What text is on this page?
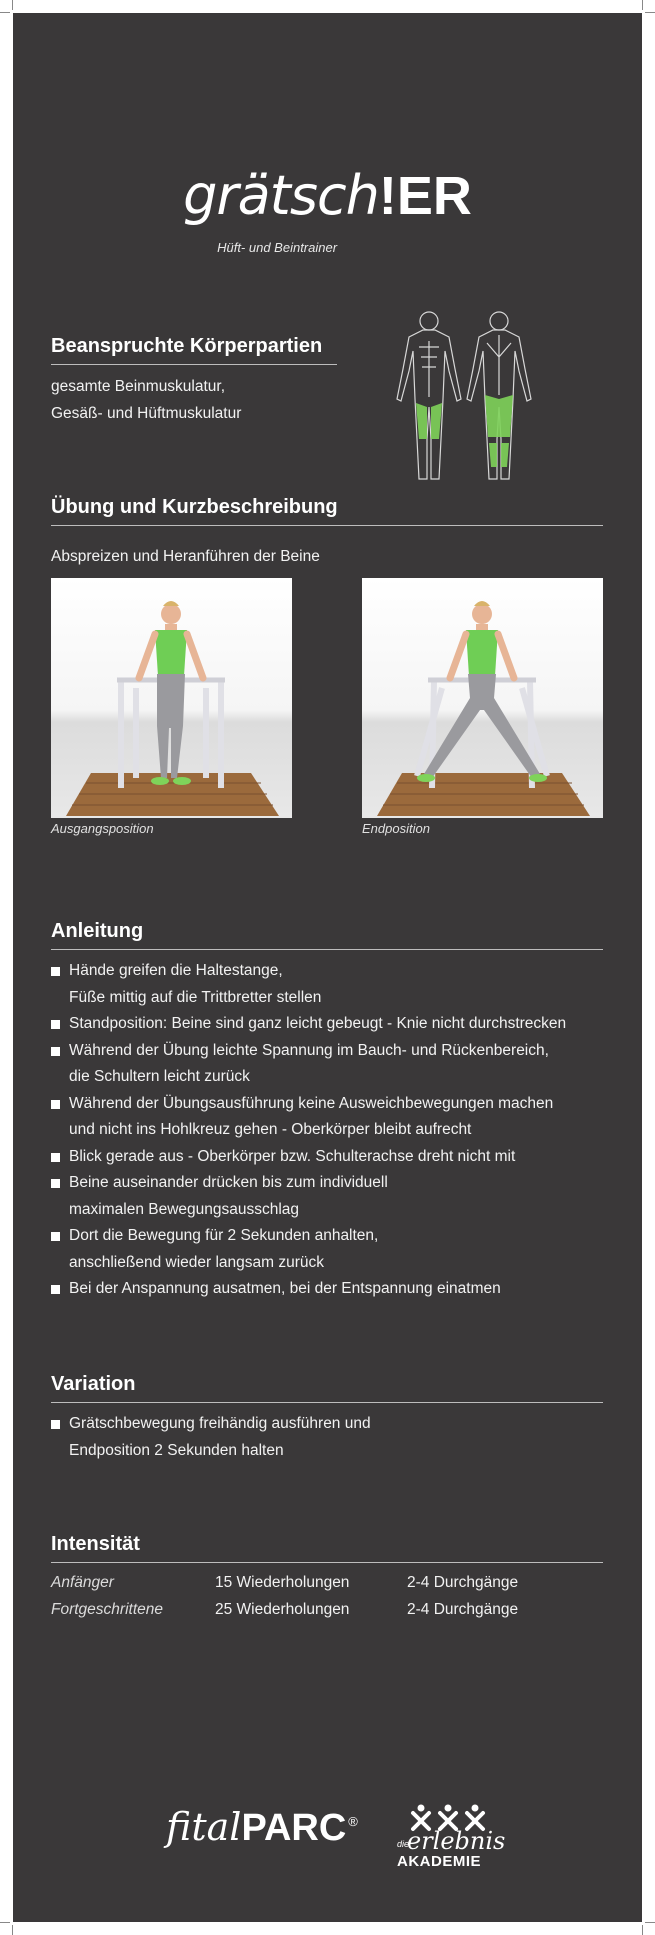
grätsch!ER
Hüft- und Beintrainer
Beanspruchte Körperpartien
gesamte Beinmuskulatur,
Gesäß- und Hüftmuskulatur
Übung und Kurzbeschreibung
Abspreizen und Heranführen der Beine
Ausgangsposition	Endposition
Anleitung
Hände greifen die Haltestange,
Füße mittig auf die Trittbretter stellen
Standposition: Beine sind ganz leicht gebeugt - Knie nicht durchstrecken
Während der Übung leichte Spannung im Bauch- und Rückenbereich,
die Schultern leicht zurück
Während der Übungsausführung keine Ausweichbewegungen machen
und nicht ins Hohlkreuz gehen - Oberkörper bleibt aufrecht
Blick gerade aus - Oberkörper bzw. Schulterachse dreht nicht mit
Beine auseinander drücken bis zum individuell
maximalen Bewegungsausschlag
Dort die Bewegung für 2 Sekunden anhalten,
anschließend wieder langsam zurück
Bei der Anspannung ausatmen, bei der Entspannung einatmen
Variation
Grätschbewegung freihändig ausführen und
Endposition 2 Sekunden halten
Intensität
Anfänger	15 Wiederholungen	2-4 Durchgänge
Fortgeschrittene	25 Wiederholungen	2-4 Durchgänge
fitalPARC ®
die
erlebnis
AKADEMIE
